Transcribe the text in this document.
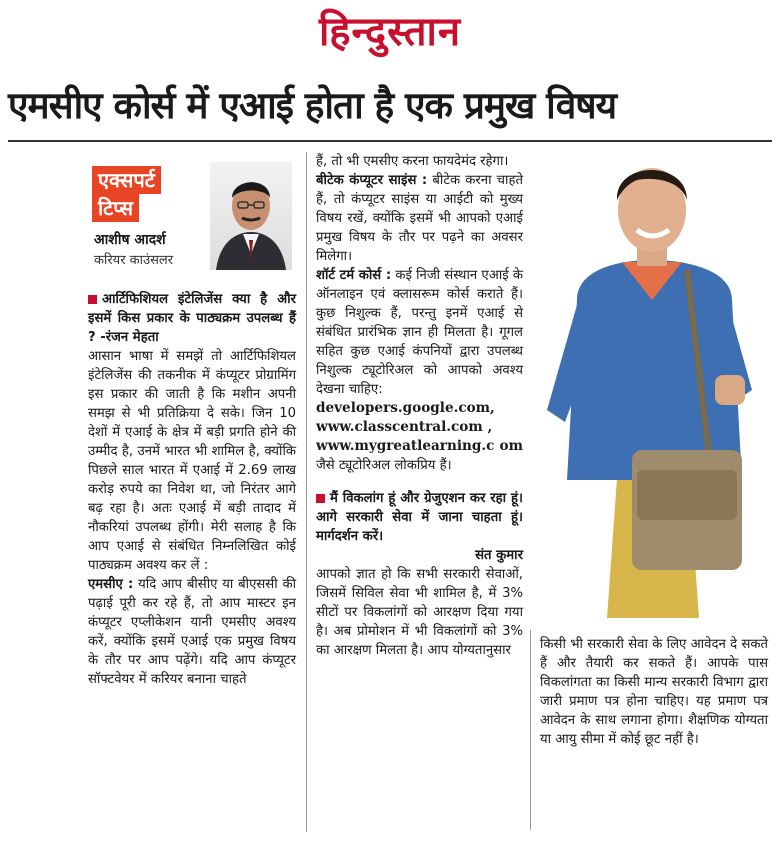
हिन्दुस्तान
एमसीए कोर्स में एआई होता है एक प्रमुख विषय
एक्सपर्ट
टिप्स
आशीष आदर्श
करियर काउंसलर

आर्टिफिशियल इंटेलिजेंस क्या है और इसमें किस प्रकार के पाठ्यक्रम उपलब्ध हैं ? -रंजन मेहता

आसान भाषा में समझें तो आर्टिफिशियल इंटेलिजेंस की तकनीक में कंप्यूटर प्रोग्रामिंग इस प्रकार की जाती है कि मशीन अपनी समझ से भी प्रतिक्रिया दे सके। जिन 10 देशों में एआई के क्षेत्र में बड़ी प्रगति होने की उम्मीद है, उनमें भारत भी शामिल है, क्योंकि पिछले साल भारत में एआई में 2.69 लाख करोड़ रुपये का निवेश था, जो निरंतर आगे बढ़ रहा है। अतः एआई में बड़ी तादाद में नौकरियां उपलब्ध होंगी। मेरी सलाह है कि आप एआई से संबंधित निम्नलिखित कोई पाठ्यक्रम अवश्य कर लें :

एमसीए : यदि आप बीसीए या बीएससी की पढ़ाई पूरी कर रहे हैं, तो आप मास्टर इन कंप्यूटर एप्लीकेशन यानी एमसीए अवश्य करें, क्योंकि इसमें एआई एक प्रमुख विषय के तौर पर आप पढ़ेंगे। यदि आप कंप्यूटर सॉफ्टवेयर में करियर बनाना चाहते

हैं, तो भी एमसीए करना फायदेमंद रहेगा।

बीटेक कंप्यूटर साइंस : बीटेक करना चाहते हैं, तो कंप्यूटर साइंस या आईटी को मुख्य विषय रखें, क्योंकि इसमें भी आपको एआई प्रमुख विषय के तौर पर पढ़ने का अवसर मिलेगा।

शॉर्ट टर्म कोर्स : कई निजी संस्थान एआई के ऑनलाइन एवं क्लासरूम कोर्स कराते हैं। कुछ निशुल्क हैं, परन्तु इनमें एआई से संबंधित प्रारंभिक ज्ञान ही मिलता है। गूगल सहित कुछ एआई कंपनियों द्वारा उपलब्ध निशुल्क ट्यूटोरिअल को आपको अवश्य देखना चाहिए:

developers.google.com,
www.classcentral.com ,
www.mygreatlearning.c om जैसे ट्यूटोरिअल लोकप्रिय हैं।

मैं विकलांग हूं और ग्रेजुएशन कर रहा हूं। आगे सरकारी सेवा में जाना चाहता हूं। मार्गदर्शन करें।

संत कुमार

आपको ज्ञात हो कि सभी सरकारी सेवाओं, जिसमें सिविल सेवा भी शामिल है, में 3% सीटों पर विकलांगों को आरक्षण दिया गया है। अब प्रोमोशन में भी विकलांगों को 3% का आरक्षण मिलता है। आप योग्यतानुसार	किसी भी सरकारी सेवा के लिए आवेदन दे सकते हैं और तैयारी कर सकते हैं। आपके पास विकलांगता का किसी मान्य सरकारी विभाग द्वारा जारी प्रमाण पत्र होना चाहिए। यह प्रमाण पत्र आवेदन के साथ लगाना होगा। शैक्षणिक योग्यता या आयु सीमा में कोई छूट नहीं है।
